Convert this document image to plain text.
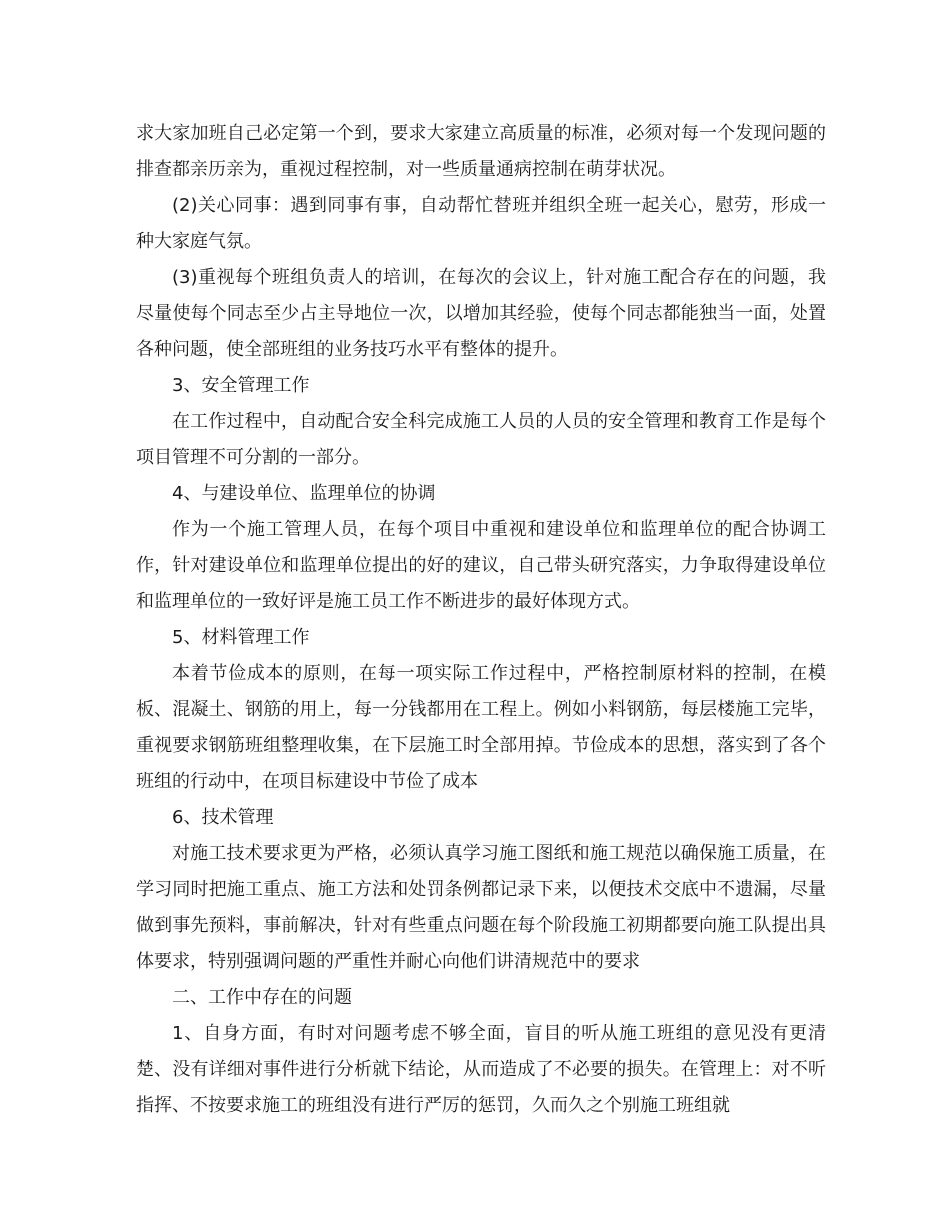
求大家加班自己必定第一个到，要求大家建立高质量的标准，必须对每一个发现问题的排查都亲历亲为，重视过程控制，对一些质量通病控制在萌芽状况。

(2)关心同事：遇到同事有事，自动帮忙替班并组织全班一起关心，慰劳，形成一种大家庭气氛。

(3)重视每个班组负责人的培训，在每次的会议上，针对施工配合存在的问题，我尽量使每个同志至少占主导地位一次，以增加其经验，使每个同志都能独当一面，处置各种问题，使全部班组的业务技巧水平有整体的提升。

3、安全管理工作

在工作过程中，自动配合安全科完成施工人员的人员的安全管理和教育工作是每个项目管理不可分割的一部分。

4、与建设单位、监理单位的协调

作为一个施工管理人员，在每个项目中重视和建设单位和监理单位的配合协调工作，针对建设单位和监理单位提出的好的建议，自己带头研究落实，力争取得建设单位和监理单位的一致好评是施工员工作不断进步的最好体现方式。

5、材料管理工作

本着节俭成本的原则，在每一项实际工作过程中，严格控制原材料的控制，在模板、混凝土、钢筋的用上，每一分钱都用在工程上。例如小料钢筋，每层楼施工完毕，重视要求钢筋班组整理收集，在下层施工时全部用掉。节俭成本的思想，落实到了各个班组的行动中，在项目标建设中节俭了成本

6、技术管理

对施工技术要求更为严格，必须认真学习施工图纸和施工规范以确保施工质量，在学习同时把施工重点、施工方法和处罚条例都记录下来，以便技术交底中不遗漏，尽量做到事先预料，事前解决，针对有些重点问题在每个阶段施工初期都要向施工队提出具体要求，特别强调问题的严重性并耐心向他们讲清规范中的要求

二、工作中存在的问题

1、自身方面，有时对问题考虑不够全面，盲目的听从施工班组的意见没有更清楚、没有详细对事件进行分析就下结论，从而造成了不必要的损失。在管理上：对不听指挥、不按要求施工的班组没有进行严厉的惩罚，久而久之个别施工班组就
